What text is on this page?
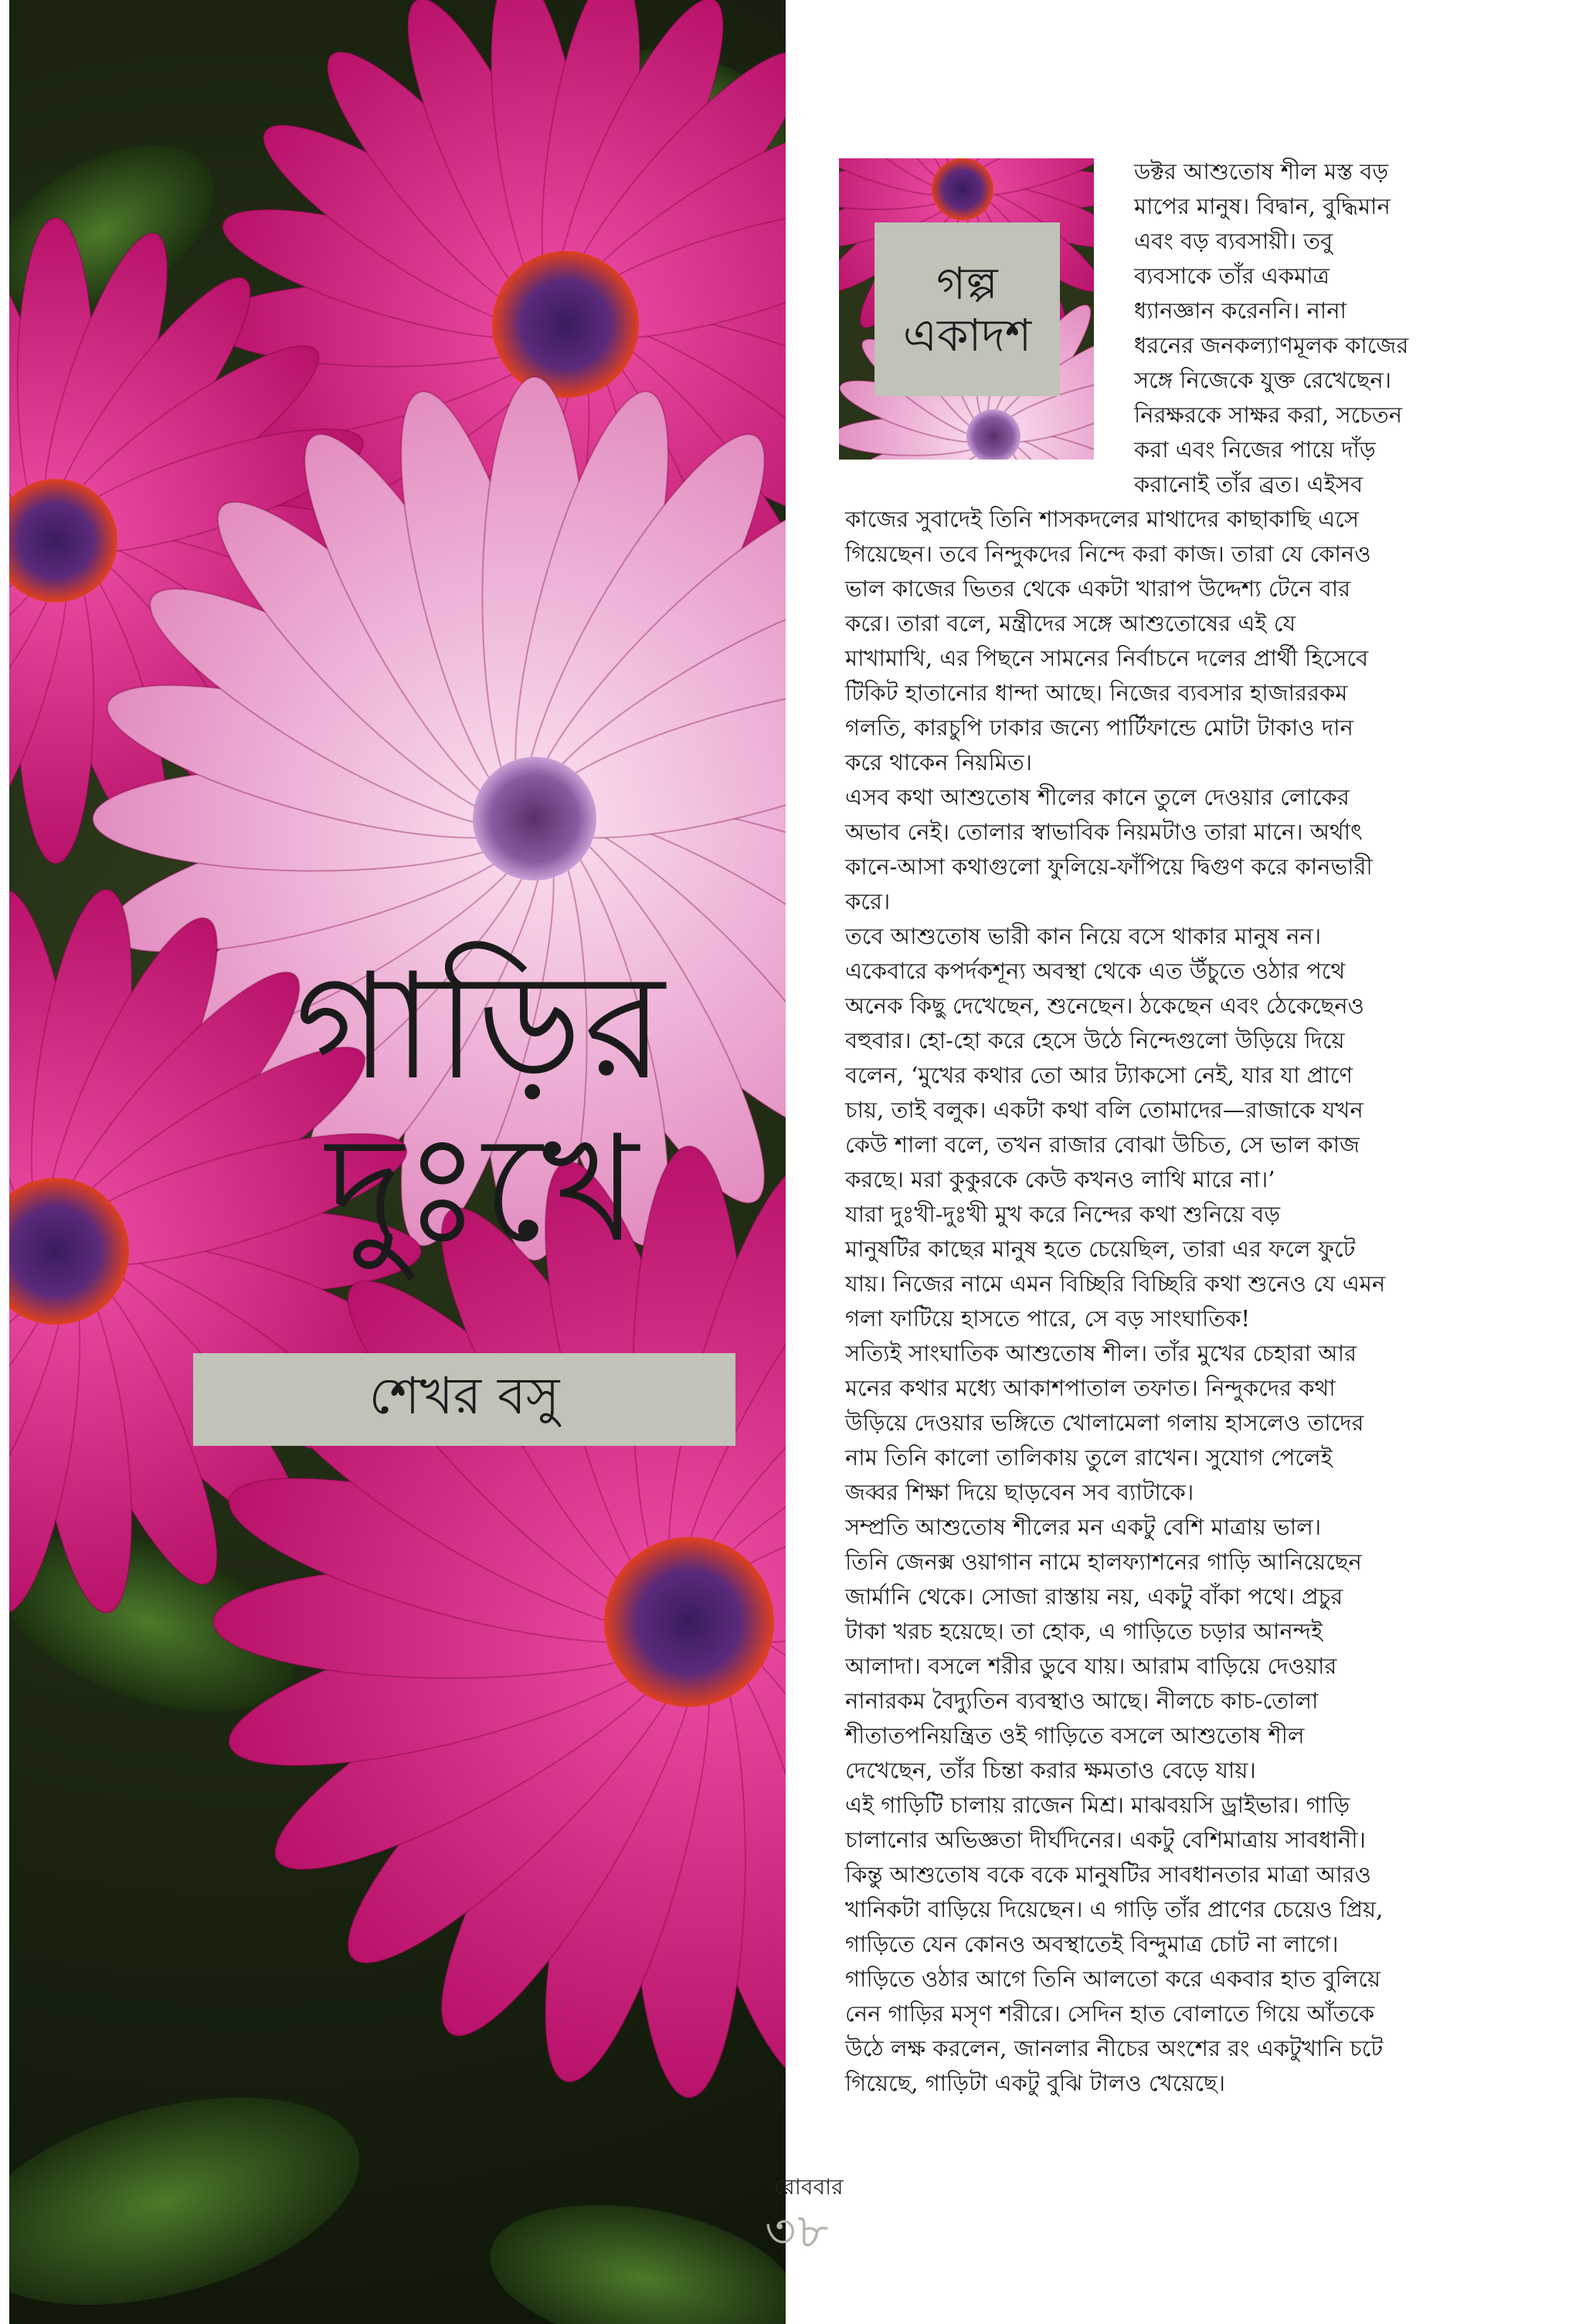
গাড়ির
দুঃখে
শেখর বসু
গল্প
একাদশ
ডক্টর আশুতোষ শীল মস্ত বড়
মাপের মানুষ। বিদ্বান, বুদ্ধিমান
এবং বড় ব্যবসায়ী। তবু
ব্যবসাকে তাঁর একমাত্র
ধ্যানজ্ঞান করেননি। নানা
ধরনের জনকল্যাণমূলক কাজের
সঙ্গে নিজেকে যুক্ত রেখেছেন।
নিরক্ষরকে সাক্ষর করা, সচেতন
করা এবং নিজের পায়ে দাঁড়
করানোই তাঁর ব্রত। এইসব
কাজের সুবাদেই তিনি শাসকদলের মাথাদের কাছাকাছি এসে
গিয়েছেন। তবে নিন্দুকদের নিন্দে করা কাজ। তারা যে কোনও
ভাল কাজের ভিতর থেকে একটা খারাপ উদ্দেশ্য টেনে বার
করে। তারা বলে, মন্ত্রীদের সঙ্গে আশুতোষের এই যে
মাখামাখি, এর পিছনে সামনের নির্বাচনে দলের প্রার্থী হিসেবে
টিকিট হাতানোর ধান্দা আছে। নিজের ব্যবসার হাজাররকম
গলতি, কারচুপি ঢাকার জন্যে পার্টিফান্ডে মোটা টাকাও দান
করে থাকেন নিয়মিত।
এসব কথা আশুতোষ শীলের কানে তুলে দেওয়ার লোকের
অভাব নেই। তোলার স্বাভাবিক নিয়মটাও তারা মানে। অর্থাৎ
কানে-আসা কথাগুলো ফুলিয়ে-ফাঁপিয়ে দ্বিগুণ করে কানভারী
করে।
তবে আশুতোষ ভারী কান নিয়ে বসে থাকার মানুষ নন।
একেবারে কপর্দকশূন্য অবস্থা থেকে এত উঁচুতে ওঠার পথে
অনেক কিছু দেখেছেন, শুনেছেন। ঠকেছেন এবং ঠেকেছেনও
বহুবার। হো-হো করে হেসে উঠে নিন্দেগুলো উড়িয়ে দিয়ে
বলেন, ‘মুখের কথার তো আর ট্যাকসো নেই, যার যা প্রাণে
চায়, তাই বলুক। একটা কথা বলি তোমাদের—রাজাকে যখন
কেউ শালা বলে, তখন রাজার বোঝা উচিত, সে ভাল কাজ
করছে। মরা কুকুরকে কেউ কখনও লাথি মারে না।’
যারা দুঃখী-দুঃখী মুখ করে নিন্দের কথা শুনিয়ে বড়
মানুষটির কাছের মানুষ হতে চেয়েছিল, তারা এর ফলে ফুটে
যায়। নিজের নামে এমন বিচ্ছিরি বিচ্ছিরি কথা শুনেও যে এমন
গলা ফাটিয়ে হাসতে পারে, সে বড় সাংঘাতিক!
সত্যিই সাংঘাতিক আশুতোষ শীল। তাঁর মুখের চেহারা আর
মনের কথার মধ্যে আকাশপাতাল তফাত। নিন্দুকদের কথা
উড়িয়ে দেওয়ার ভঙ্গিতে খোলামেলা গলায় হাসলেও তাদের
নাম তিনি কালো তালিকায় তুলে রাখেন। সুযোগ পেলেই
জব্বর শিক্ষা দিয়ে ছাড়বেন সব ব্যাটাকে।
সম্প্রতি আশুতোষ শীলের মন একটু বেশি মাত্রায় ভাল।
তিনি জেনক্স ওয়াগান নামে হালফ্যাশনের গাড়ি আনিয়েছেন
জার্মানি থেকে। সোজা রাস্তায় নয়, একটু বাঁকা পথে। প্রচুর
টাকা খরচ হয়েছে। তা হোক, এ গাড়িতে চড়ার আনন্দই
আলাদা। বসলে শরীর ডুবে যায়। আরাম বাড়িয়ে দেওয়ার
নানারকম বৈদ্যুতিন ব্যবস্থাও আছে। নীলচে কাচ-তোলা
শীতাতপনিয়ন্ত্রিত ওই গাড়িতে বসলে আশুতোষ শীল
দেখেছেন, তাঁর চিন্তা করার ক্ষমতাও বেড়ে যায়।
এই গাড়িটি চালায় রাজেন মিশ্র। মাঝবয়সি ড্রাইভার। গাড়ি
চালানোর অভিজ্ঞতা দীর্ঘদিনের। একটু বেশিমাত্রায় সাবধানী।
কিন্তু আশুতোষ বকে বকে মানুষটির সাবধানতার মাত্রা আরও
খানিকটা বাড়িয়ে দিয়েছেন। এ গাড়ি তাঁর প্রাণের চেয়েও প্রিয়,
গাড়িতে যেন কোনও অবস্থাতেই বিন্দুমাত্র চোট না লাগে।
গাড়িতে ওঠার আগে তিনি আলতো করে একবার হাত বুলিয়ে
নেন গাড়ির মসৃণ শরীরে। সেদিন হাত বোলাতে গিয়ে আঁতকে
উঠে লক্ষ করলেন, জানলার নীচের অংশের রং একটুখানি চটে
গিয়েছে, গাড়িটা একটু বুঝি টালও খেয়েছে।
রোববার
৩৮
